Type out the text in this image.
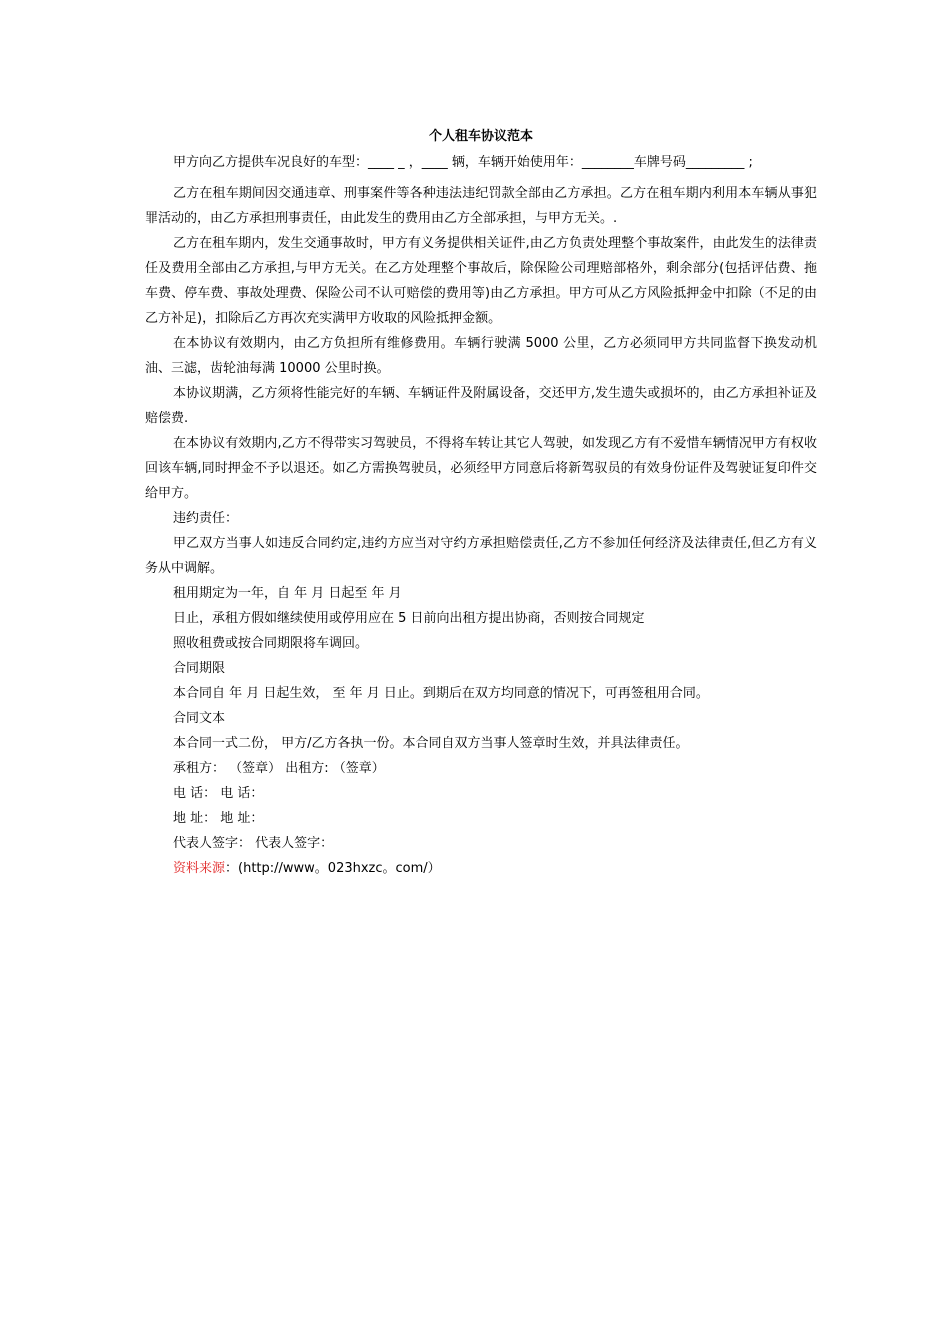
个人租车协议范本

甲方向乙方提供车况良好的车型：____ _ ，____ 辆，车辆开始使用年：________车牌号码_________ ;

乙方在租车期间因交通违章、刑事案件等各种违法违纪罚款全部由乙方承担。乙方在租车期内利用本车辆从事犯罪活动的，由乙方承担刑事责任，由此发生的费用由乙方全部承担，与甲方无关。.

乙方在租车期内，发生交通事故时，甲方有义务提供相关证件,由乙方负责处理整个事故案件，由此发生的法律责任及费用全部由乙方承担,与甲方无关。在乙方处理整个事故后，除保险公司理赔部格外，剩余部分(包括评估费、拖车费、停车费、事故处理费、保险公司不认可赔偿的费用等)由乙方承担。甲方可从乙方风险抵押金中扣除（不足的由乙方补足)，扣除后乙方再次充实满甲方收取的风险抵押金额。

在本协议有效期内，由乙方负担所有维修费用。车辆行驶满 5000 公里，乙方必须同甲方共同监督下换发动机油、三滤，齿轮油每满 10000 公里时换。

本协议期满，乙方须将性能完好的车辆、车辆证件及附属设备，交还甲方,发生遗失或损坏的，由乙方承担补证及赔偿费.

在本协议有效期内,乙方不得带实习驾驶员，不得将车转让其它人驾驶，如发现乙方有不爱惜车辆情况甲方有权收回该车辆,同时押金不予以退还。如乙方需换驾驶员，必须经甲方同意后将新驾驭员的有效身份证件及驾驶证复印件交给甲方。

违约责任：

甲乙双方当事人如违反合同约定,违约方应当对守约方承担赔偿责任,乙方不参加任何经济及法律责任,但乙方有义务从中调解。

租用期定为一年，自 年 月 日起至 年 月

日止，承租方假如继续使用或停用应在 5 日前向出租方提出协商，否则按合同规定

照收租费或按合同期限将车调回。

合同期限

本合同自 年 月 日起生效， 至 年 月 日止。到期后在双方均同意的情况下，可再签租用合同。

合同文本

本合同一式二份， 甲方/乙方各执一份。本合同自双方当事人签章时生效，并具法律责任。

承租方： （签章） 出租方: （签章）

电 话： 电 话：

地 址： 地 址：

代表人签字： 代表人签字：

资料来源：(http://www。023hxzc。com/）
